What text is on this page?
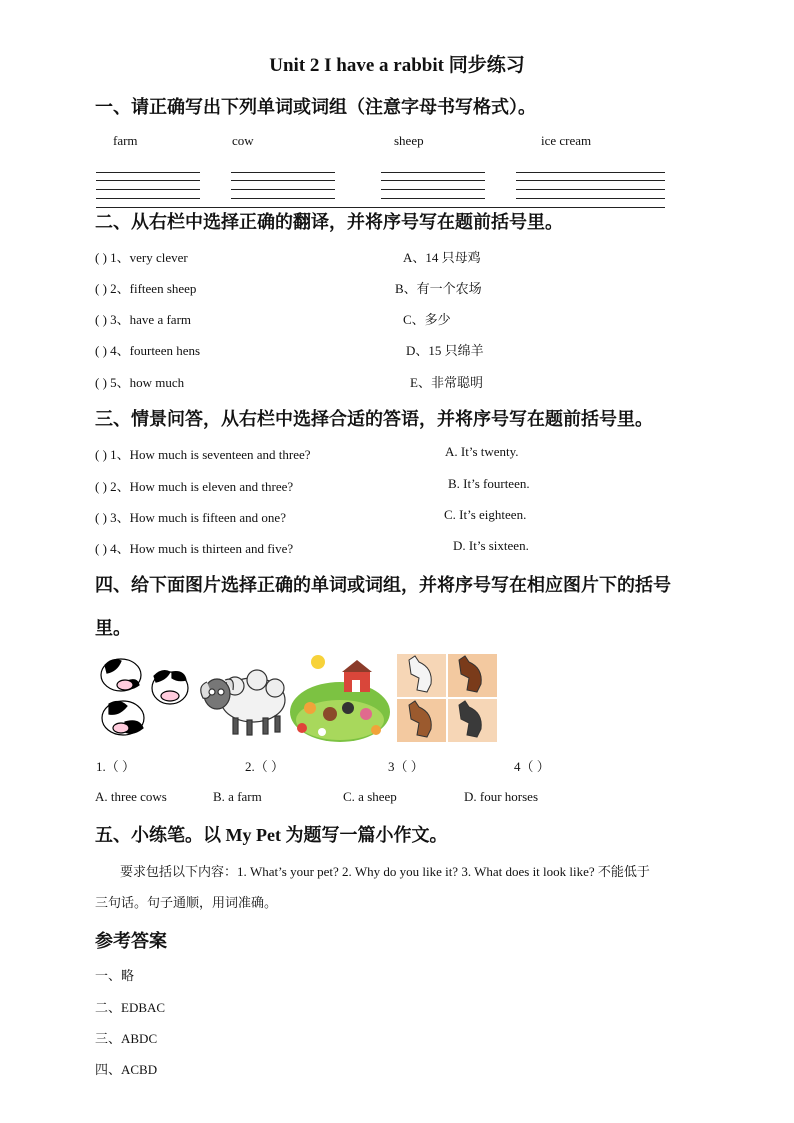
Unit 2 I have a rabbit 同步练习
一、请正确写出下列单词或词组（注意字母书写格式）。
farm	cow	sheep	ice cream
二、从右栏中选择正确的翻译，并将序号写在题前括号里。
( ) 1、very clever	A、14 只母鸡
( ) 2、fifteen sheep	B、有一个农场
( ) 3、have a farm	C、多少
( ) 4、fourteen hens	D、15 只绵羊
( ) 5、how much	E、非常聪明
三、情景问答，从右栏中选择合适的答语，并将序号写在题前括号里。
( ) 1、How much is seventeen and three?	A. It’s twenty.
( ) 2、How much is eleven and three?	B. It’s fourteen.
( ) 3、How much is fifteen and one?	C. It’s eighteen.
( ) 4、How much is thirteen and five?	D. It’s sixteen.
四、给下面图片选择正确的单词或词组，并将序号写在相应图片下的括号
里。
1.（ ）	2.（ ）	3（ ）	4（ ）
A. three cows	B. a farm	C. a sheep	D. four horses
五、小练笔。以 My Pet 为题写一篇小作文。
要求包括以下内容：1. What’s your pet? 2. Why do you like it? 3. What does it look like? 不能低于
三句话。句子通顺，用词准确。
参考答案
一、略
二、EDBAC
三、ABDC
四、ACBD
